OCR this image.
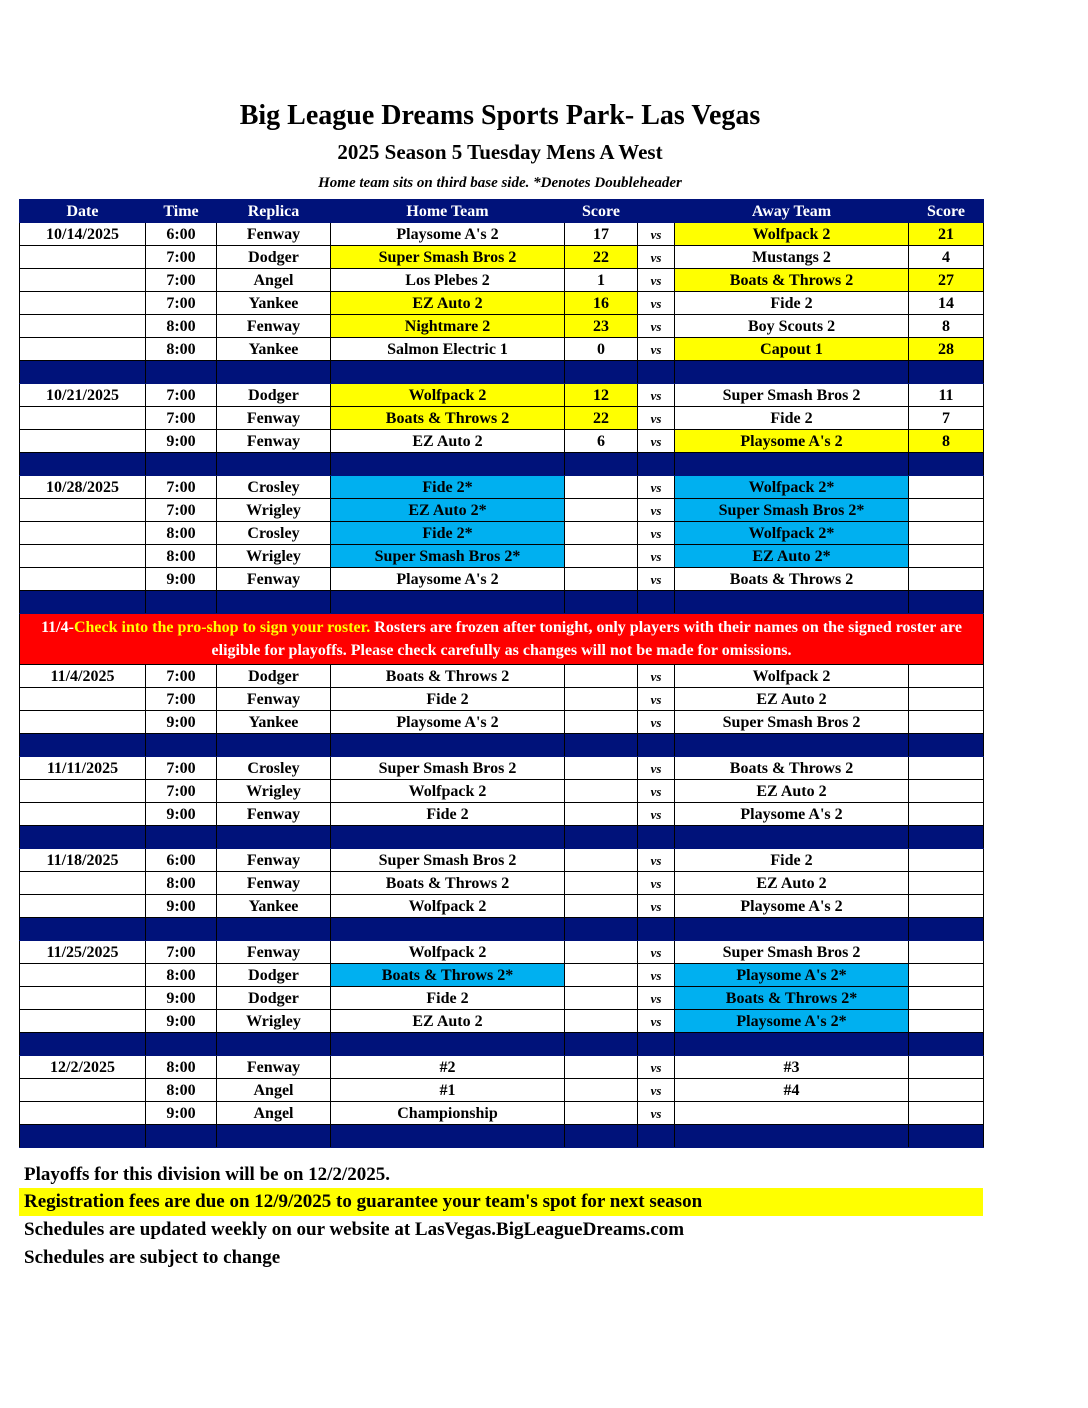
Big League Dreams Sports Park- Las Vegas
2025 Season 5 Tuesday Mens A West
Home team sits on third base side. *Denotes Doubleheader
Date	Time	Replica	Home Team	Score		Away Team	Score
10/14/2025	6:00	Fenway	Playsome A's 2	17	vs	Wolfpack 2	21
	7:00	Dodger	Super Smash Bros 2	22	vs	Mustangs 2	4
	7:00	Angel	Los Plebes 2	1	vs	Boats & Throws 2	27
	7:00	Yankee	EZ Auto 2	16	vs	Fide 2	14
	8:00	Fenway	Nightmare 2	23	vs	Boy Scouts 2	8
	8:00	Yankee	Salmon Electric 1	0	vs	Capout 1	28

10/21/2025	7:00	Dodger	Wolfpack 2	12	vs	Super Smash Bros 2	11
	7:00	Fenway	Boats & Throws 2	22	vs	Fide 2	7
	9:00	Fenway	EZ Auto 2	6	vs	Playsome A's 2	8

10/28/2025	7:00	Crosley	Fide 2*		vs	Wolfpack 2*	
	7:00	Wrigley	EZ Auto 2*		vs	Super Smash Bros 2*	
	8:00	Crosley	Fide 2*		vs	Wolfpack 2*	
	8:00	Wrigley	Super Smash Bros 2*		vs	EZ Auto 2*	
	9:00	Fenway	Playsome A's 2		vs	Boats & Throws 2	

11/4-Check into the pro-shop to sign your roster. Rosters are frozen after tonight, only players with their names on the signed roster are eligible for playoffs. Please check carefully as changes will not be made for omissions.							
11/4/2025	7:00	Dodger	Boats & Throws 2		vs	Wolfpack 2	
	7:00	Fenway	Fide 2		vs	EZ Auto 2	
	9:00	Yankee	Playsome A's 2		vs	Super Smash Bros 2	

11/11/2025	7:00	Crosley	Super Smash Bros 2		vs	Boats & Throws 2	
	7:00	Wrigley	Wolfpack 2		vs	EZ Auto 2	
	9:00	Fenway	Fide 2		vs	Playsome A's 2	

11/18/2025	6:00	Fenway	Super Smash Bros 2		vs	Fide 2	
	8:00	Fenway	Boats & Throws 2		vs	EZ Auto 2	
	9:00	Yankee	Wolfpack 2		vs	Playsome A's 2	

11/25/2025	7:00	Fenway	Wolfpack 2		vs	Super Smash Bros 2	
	8:00	Dodger	Boats & Throws 2*		vs	Playsome A's 2*	
	9:00	Dodger	Fide 2		vs	Boats & Throws 2*	
	9:00	Wrigley	EZ Auto 2		vs	Playsome A's 2*	

12/2/2025	8:00	Fenway	#2		vs	#3	
	8:00	Angel	#1		vs	#4	
	9:00	Angel	Championship		vs		

Playoffs for this division will be on 12/2/2025.
Registration fees are due on 12/9/2025 to guarantee your team's spot for next season
Schedules are updated weekly on our website at LasVegas.BigLeagueDreams.com
Schedules are subject to change
